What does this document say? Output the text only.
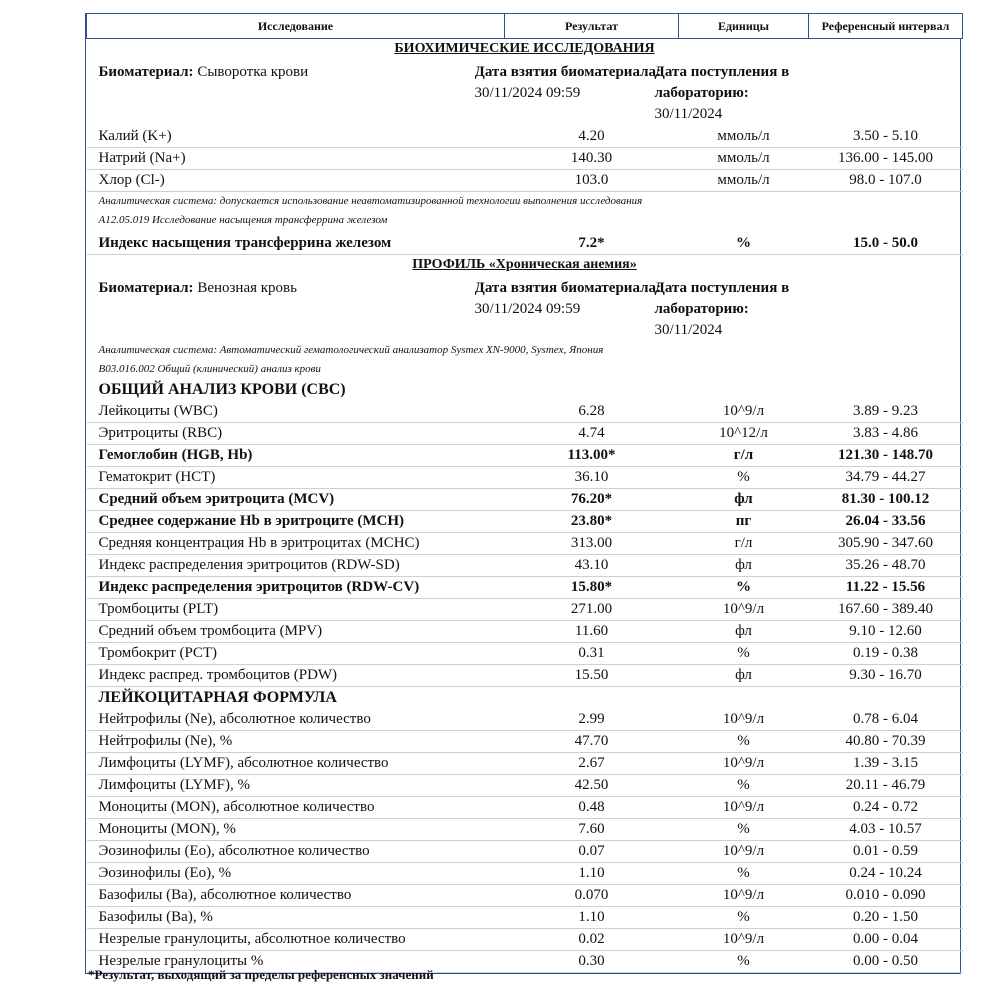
Исследование	Результат	Единицы	Референсный интервал
БИОХИМИЧЕСКИЕ ИССЛЕДОВАНИЯ
Биоматериал: Сыворотка крови	Дата взятия биоматериала:
30/11/2024 09:59	Дата поступления в лабораторию:
30/11/2024
Калий (K+)	4.20	ммоль/л	3.50 - 5.10
Натрий (Na+)	140.30	ммоль/л	136.00 - 145.00
Хлор (Cl-)	103.0	ммоль/л	98.0 - 107.0
Аналитическая система: допускается использование неавтоматизированной технологии выполнения исследования
A12.05.019 Исследование насыщения трансферрина железом

Индекс насыщения трансферрина железом	7.2*	%	15.0 - 50.0
ПРОФИЛЬ «Хроническая анемия»
Биоматериал: Венозная кровь	Дата взятия биоматериала:
30/11/2024 09:59	Дата поступления в лабораторию:
30/11/2024
Аналитическая система: Автоматический гематологический анализатор Sysmex XN-9000, Sysmex, Япония
B03.016.002 Общий (клинический) анализ крови
ОБЩИЙ АНАЛИЗ КРОВИ (CBC)
Лейкоциты (WBC)	6.28	10^9/л	3.89 - 9.23
Эритроциты (RBC)	4.74	10^12/л	3.83 - 4.86
Гемоглобин (HGB, Hb)	113.00*	г/л	121.30 - 148.70
Гематокрит (HCT)	36.10	%	34.79 - 44.27
Средний объем эритроцита (MCV)	76.20*	фл	81.30 - 100.12
Среднее содержание Hb в эритроците (MCH)	23.80*	пг	26.04 - 33.56
Средняя концентрация Hb в эритроцитах (MCHC)	313.00	г/л	305.90 - 347.60
Индекс распределения эритроцитов (RDW-SD)	43.10	фл	35.26 - 48.70
Индекс распределения эритроцитов (RDW-CV)	15.80*	%	11.22 - 15.56
Тромбоциты (PLT)	271.00	10^9/л	167.60 - 389.40
Средний объем тромбоцита (MPV)	11.60	фл	9.10 - 12.60
Тромбокрит (PCT)	0.31	%	0.19 - 0.38
Индекс распред. тромбоцитов (PDW)	15.50	фл	9.30 - 16.70
ЛЕЙКОЦИТАРНАЯ ФОРМУЛА
Нейтрофилы (Ne), абсолютное количество	2.99	10^9/л	0.78 - 6.04
Нейтрофилы (Ne), %	47.70	%	40.80 - 70.39
Лимфоциты (LYMF), абсолютное количество	2.67	10^9/л	1.39 - 3.15
Лимфоциты (LYMF), %	42.50	%	20.11 - 46.79
Моноциты (MON), абсолютное количество	0.48	10^9/л	0.24 - 0.72
Моноциты (MON), %	7.60	%	4.03 - 10.57
Эозинофилы (Eo), абсолютное количество	0.07	10^9/л	0.01 - 0.59
Эозинофилы (Eo), %	1.10	%	0.24 - 10.24
Базофилы (Ba), абсолютное количество	0.070	10^9/л	0.010 - 0.090
Базофилы (Ba), %	1.10	%	0.20 - 1.50
Незрелые гранулоциты, абсолютное количество	0.02	10^9/л	0.00 - 0.04
Незрелые гранулоциты %	0.30	%	0.00 - 0.50
*Результат, выходящий за пределы референсных значений
